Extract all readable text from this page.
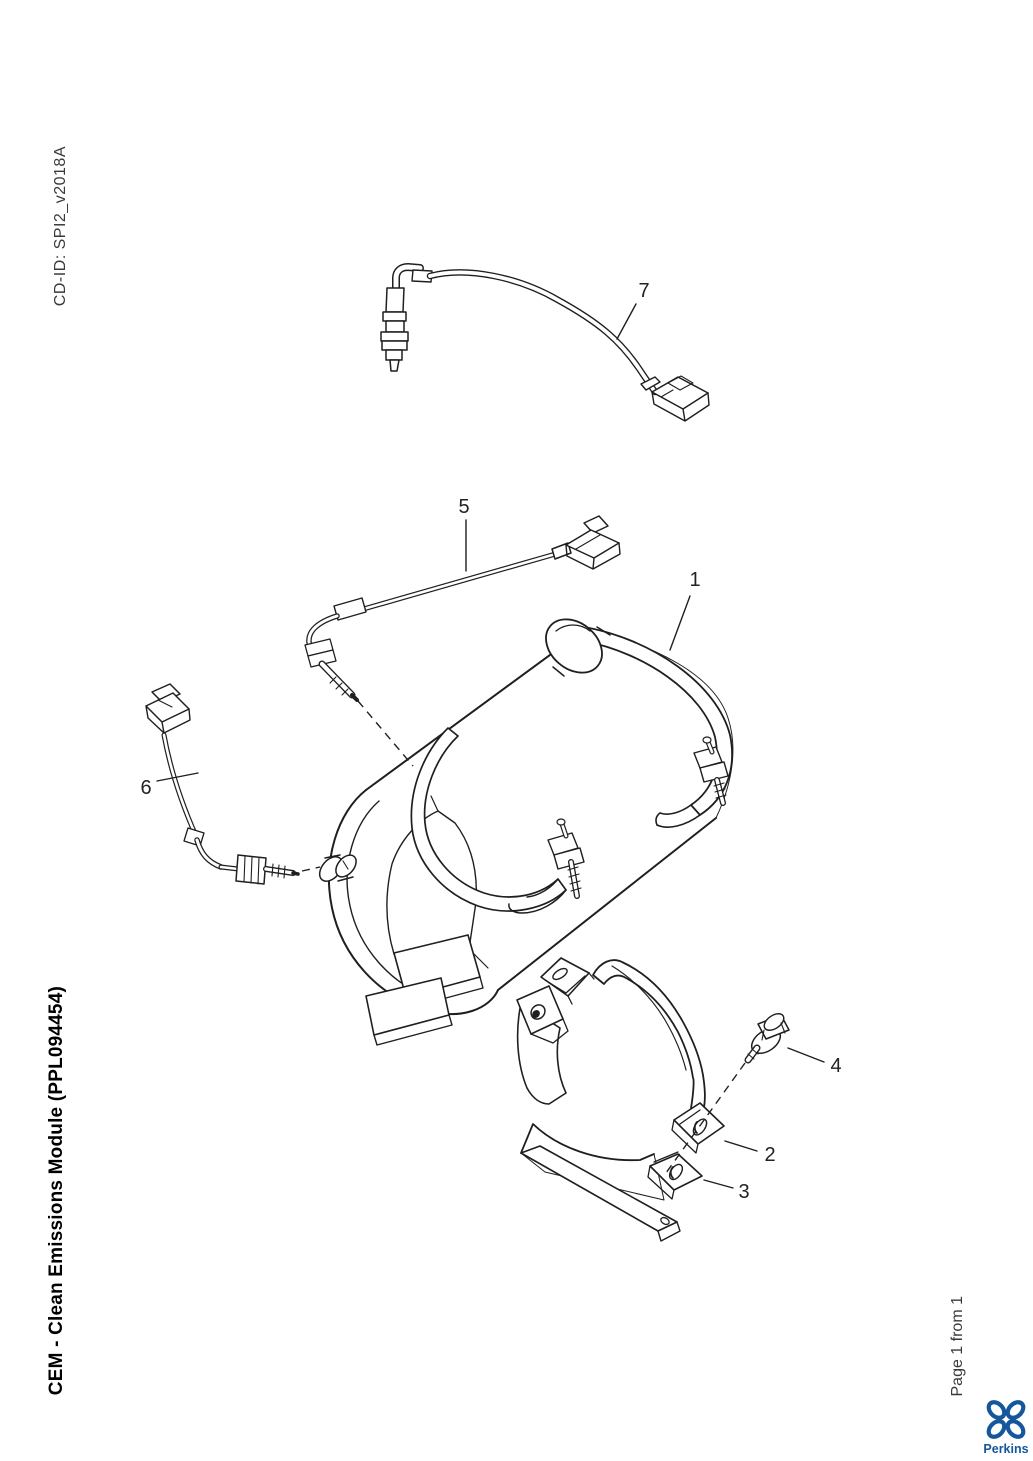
CD-ID: SPI2_v2018A
CEM - Clean Emissions Module (PPL094454)	Page 1 from 1
Perkins
1
2
3
4
5
6
7
